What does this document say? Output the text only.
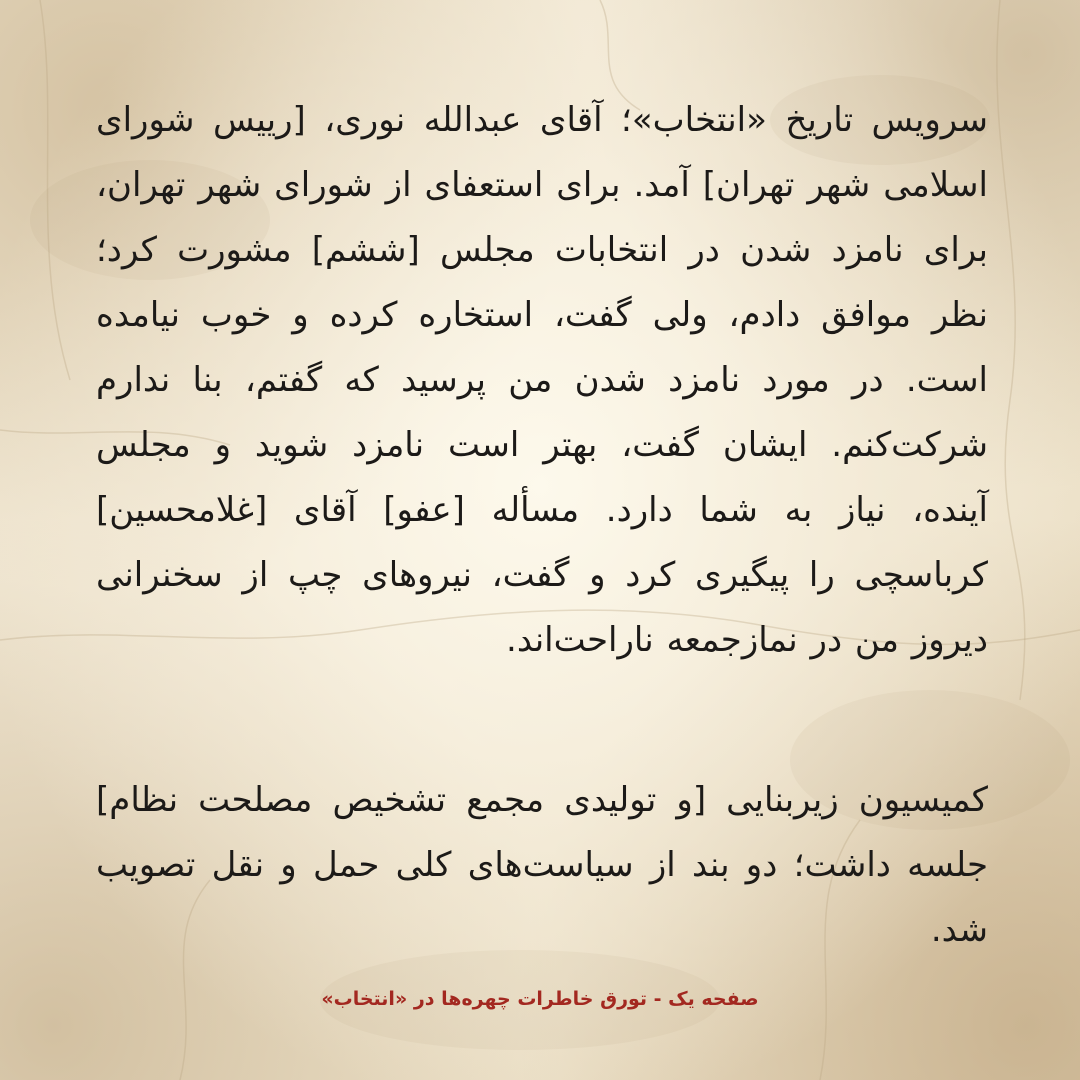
سرویس تاریخ «انتخاب»؛ آقای عبدالله نوری، [رییس شورای اسلامی شهر تهران] آمد. برای استعفای از شورای شهر تهران، برای نامزد شدن در انتخابات مجلس [ششم] مشورت کرد؛ نظر موافق دادم، ولی گفت، استخاره کرده و خوب نیامده است. در مورد نامزد شدن من پرسید که گفتم، بنا ندارم شرکت‌کنم. ایشان گفت، بهتر است نامزد شوید و مجلس آینده، نیاز به شما دارد. مسأله [عفو] آقای [غلامحسین] کرباسچی را پیگیری کرد و گفت، نیروهای چپ از سخنرانی دیروز من در نمازجمعه ناراحت‌اند.
کمیسیون زیربنایی [و تولیدی مجمع تشخیص مصلحت نظام] جلسه داشت؛ دو بند از سیاست‌های کلی حمل و نقل تصویب شد.
صفحه یک - تورق خاطرات چهره‌ها در «انتخاب»
